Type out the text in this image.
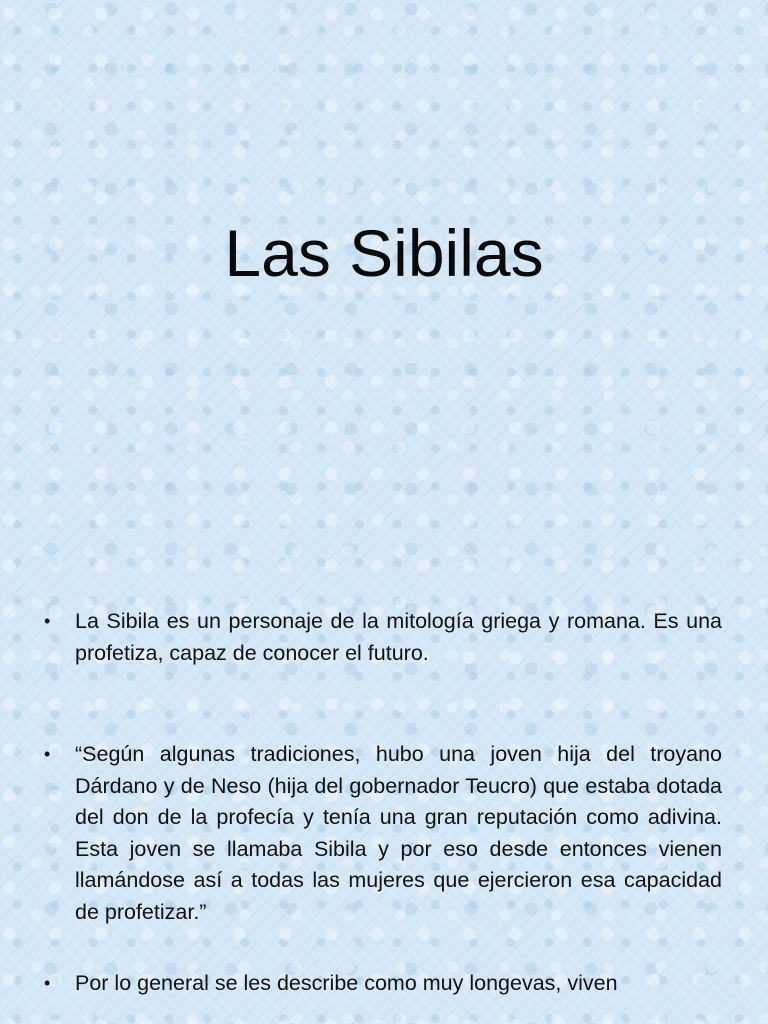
Las Sibilas
• La Sibila es un personaje de la mitología griega y romana. Es una profetiza, capaz de conocer el futuro.
• “Según algunas tradiciones, hubo una joven hija del troyano Dárdano y de Neso (hija del gobernador Teucro) que estaba dotada del don de la profecía y tenía una gran reputación como adivina. Esta joven se llamaba Sibila y por eso desde entonces vienen llamándose así a todas las mujeres que ejercieron esa capacidad de profetizar.”
• Por lo general se les describe como muy longevas, viven
